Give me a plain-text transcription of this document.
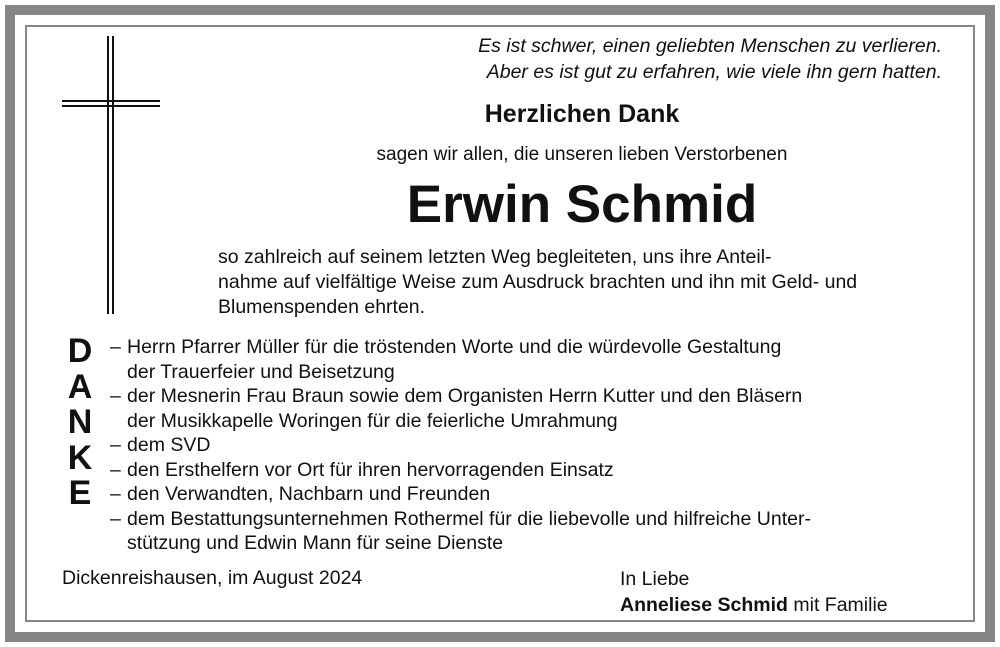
Es ist schwer, einen geliebten Menschen zu verlieren.
Aber es ist gut zu erfahren, wie viele ihn gern hatten.

Herzlichen Dank

sagen wir allen, die unseren lieben Verstorbenen

Erwin Schmid

so zahlreich auf seinem letzten Weg begleiteten, uns ihre Anteil-
nahme auf vielfältige Weise zum Ausdruck brachten und ihn mit Geld- und
Blumenspenden ehrten.

D
A
N
K
E
– Herrn Pfarrer Müller für die tröstenden Worte und die würdevolle Gestaltung
der Trauerfeier und Beisetzung
– der Mesnerin Frau Braun sowie dem Organisten Herrn Kutter und den Bläsern
der Musikkapelle Woringen für die feierliche Umrahmung
– dem SVD
– den Ersthelfern vor Ort für ihren hervorragenden Einsatz
– den Verwandten, Nachbarn und Freunden
– dem Bestattungsunternehmen Rothermel für die liebevolle und hilfreiche Unter-
stützung und Edwin Mann für seine Dienste

Dickenreishausen, im August 2024	In Liebe
Anneliese Schmid mit Familie
